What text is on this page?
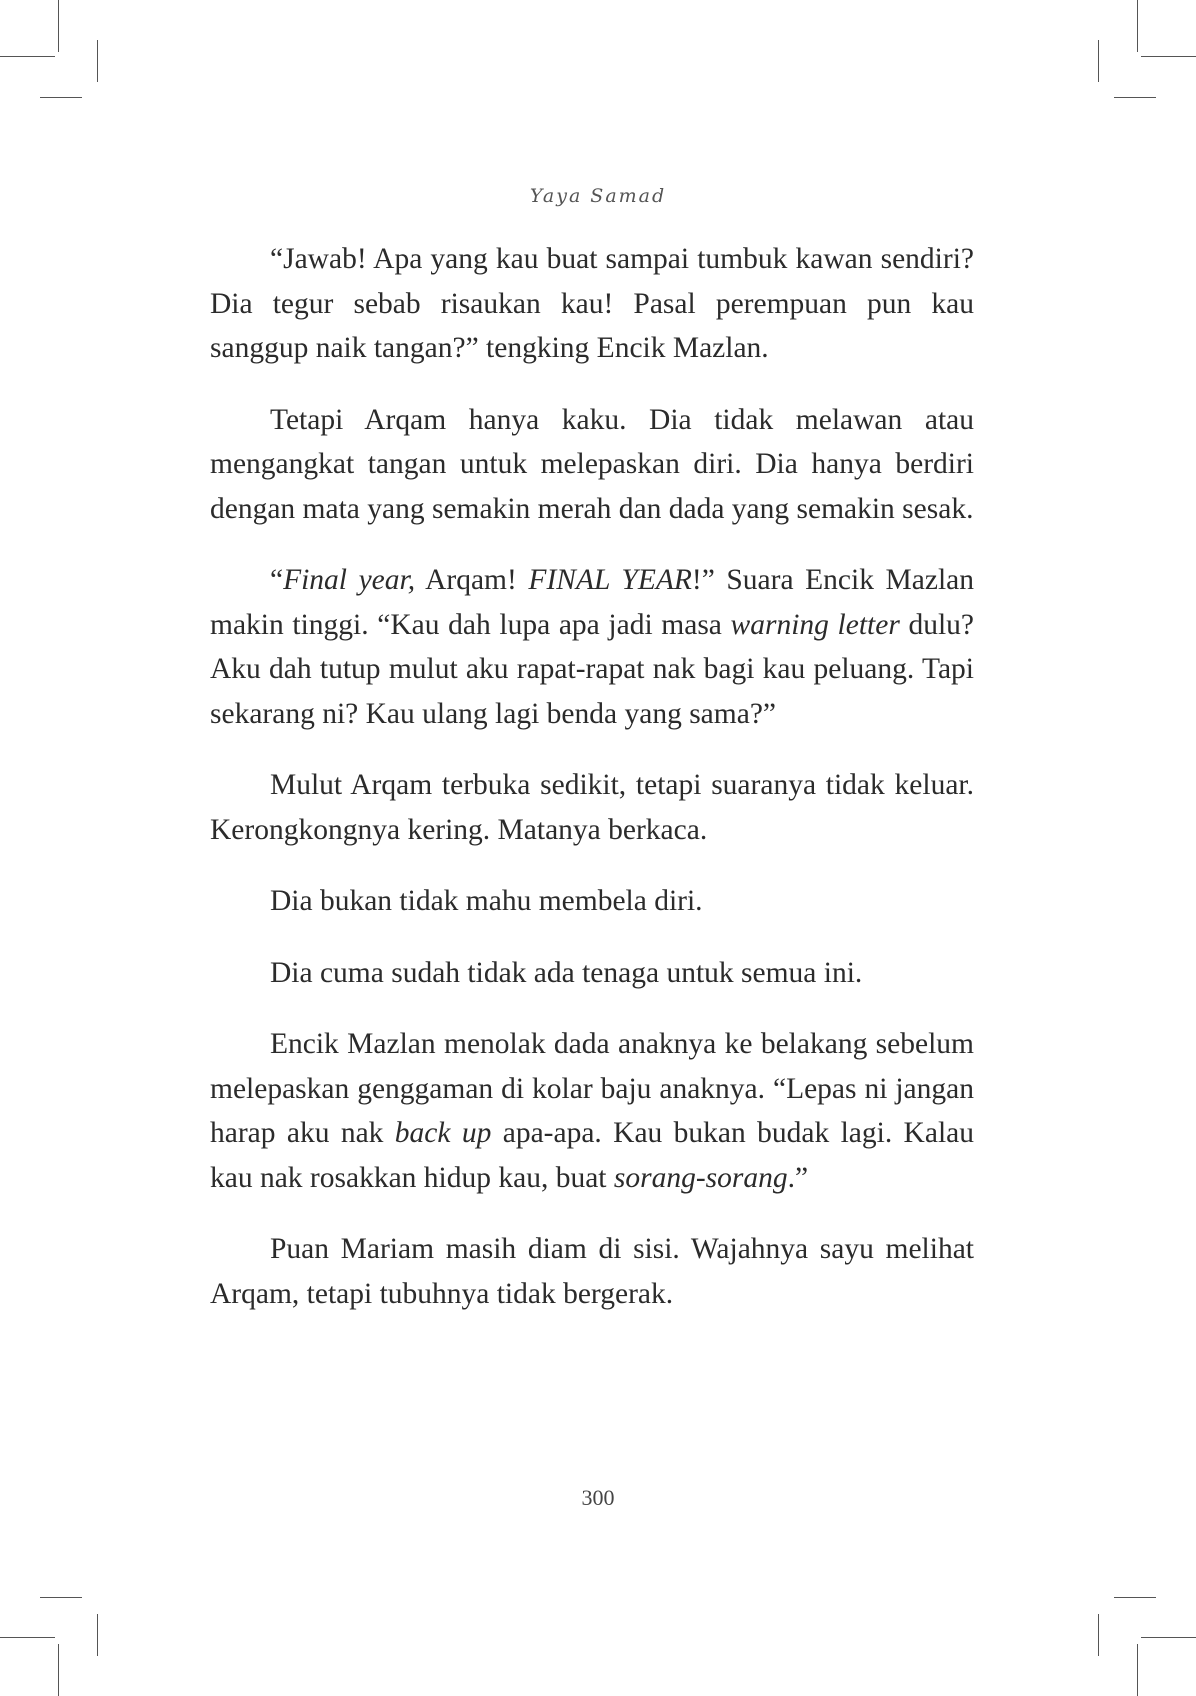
Yaya Samad

“Jawab! Apa yang kau buat sampai tumbuk kawan sendiri? Dia tegur sebab risaukan kau! Pasal perempuan pun kau sanggup naik tangan?” tengking Encik Mazlan.

Tetapi Arqam hanya kaku. Dia tidak melawan atau mengangkat tangan untuk melepaskan diri. Dia hanya berdiri dengan mata yang semakin merah dan dada yang semakin sesak.

“Final year, Arqam! FINAL YEAR!” Suara Encik Mazlan makin tinggi. “Kau dah lupa apa jadi masa warning letter dulu? Aku dah tutup mulut aku rapat-rapat nak bagi kau peluang. Tapi sekarang ni? Kau ulang lagi benda yang sama?”

Mulut Arqam terbuka sedikit, tetapi suaranya tidak keluar. Kerongkongnya kering. Matanya berkaca.

Dia bukan tidak mahu membela diri.

Dia cuma sudah tidak ada tenaga untuk semua ini.

Encik Mazlan menolak dada anaknya ke belakang sebelum melepaskan genggaman di kolar baju anaknya. “Lepas ni jangan harap aku nak back up apa-apa. Kau bukan budak lagi. Kalau kau nak rosakkan hidup kau, buat sorang-sorang.”

Puan Mariam masih diam di sisi. Wajahnya sayu melihat Arqam, tetapi tubuhnya tidak bergerak.

300
